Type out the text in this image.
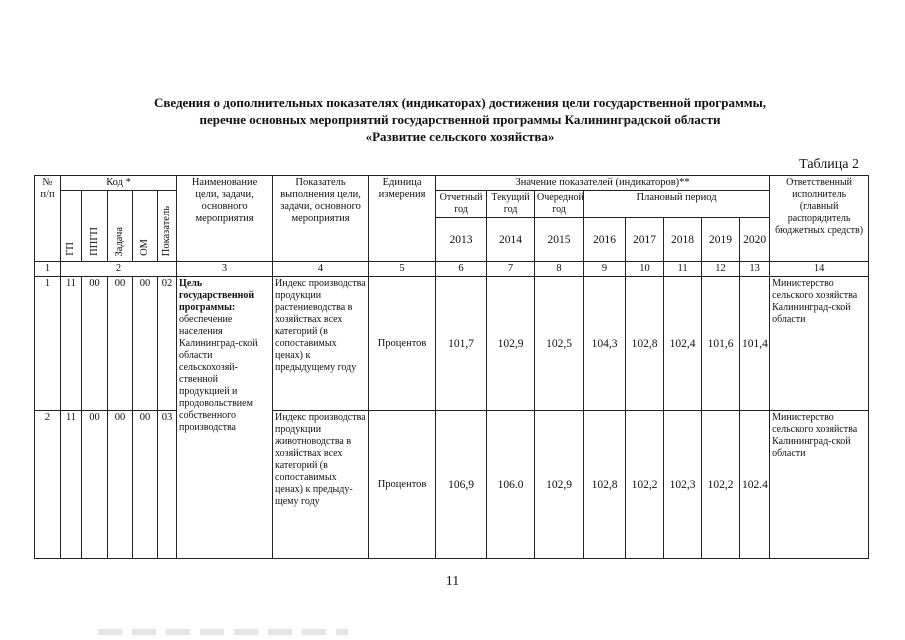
Сведения о дополнительных показателях (индикаторах) достижения цели государственной программы,
перечне основных мероприятий государственной программы Калининградской области
«Развитие сельского хозяйства»
Таблица 2
№ п/п	Код *					Наименование цели, задачи, основного мероприятия	Показатель выполнения цели, задачи, основного мероприятия	Единица измерения	Значение показателей (индикаторов)**								Ответственный исполнитель (главный распорядитель бюджетных средств)
	ГП	ППГП	Задача	ОМ	Показатель				Отчетный год	Текущий год	Очередной год	Плановый период					
									2013	2014	2015	2016	2017	2018	2019	2020	
1	2					3	4	5	6	7	8	9	10	11	12	13	14
1	11	00	00	00	02	Цель государственной программы: обеспечение населения Калининград-ской области сельскохозяй-ственной продукцией и продовольствием собственного производства	Индекс производства продукции растениеводства в хозяйствах всех категорий (в сопоставимых ценах) к предыдущему году	Процентов	101,7	102,9	102,5	104,3	102,8	102,4	101,6	101,4	Министерство сельского хозяйства Калининград-ской области
2	11	00	00	00	03		Индекс производства продукции животноводства в хозяйствах всех категорий (в сопоставимых ценах) к предыду-щему году	Процентов	106,9	106.0	102,9	102,8	102,2	102,3	102,2	102.4	Министерство сельского хозяйства Калининград-ской области
11
